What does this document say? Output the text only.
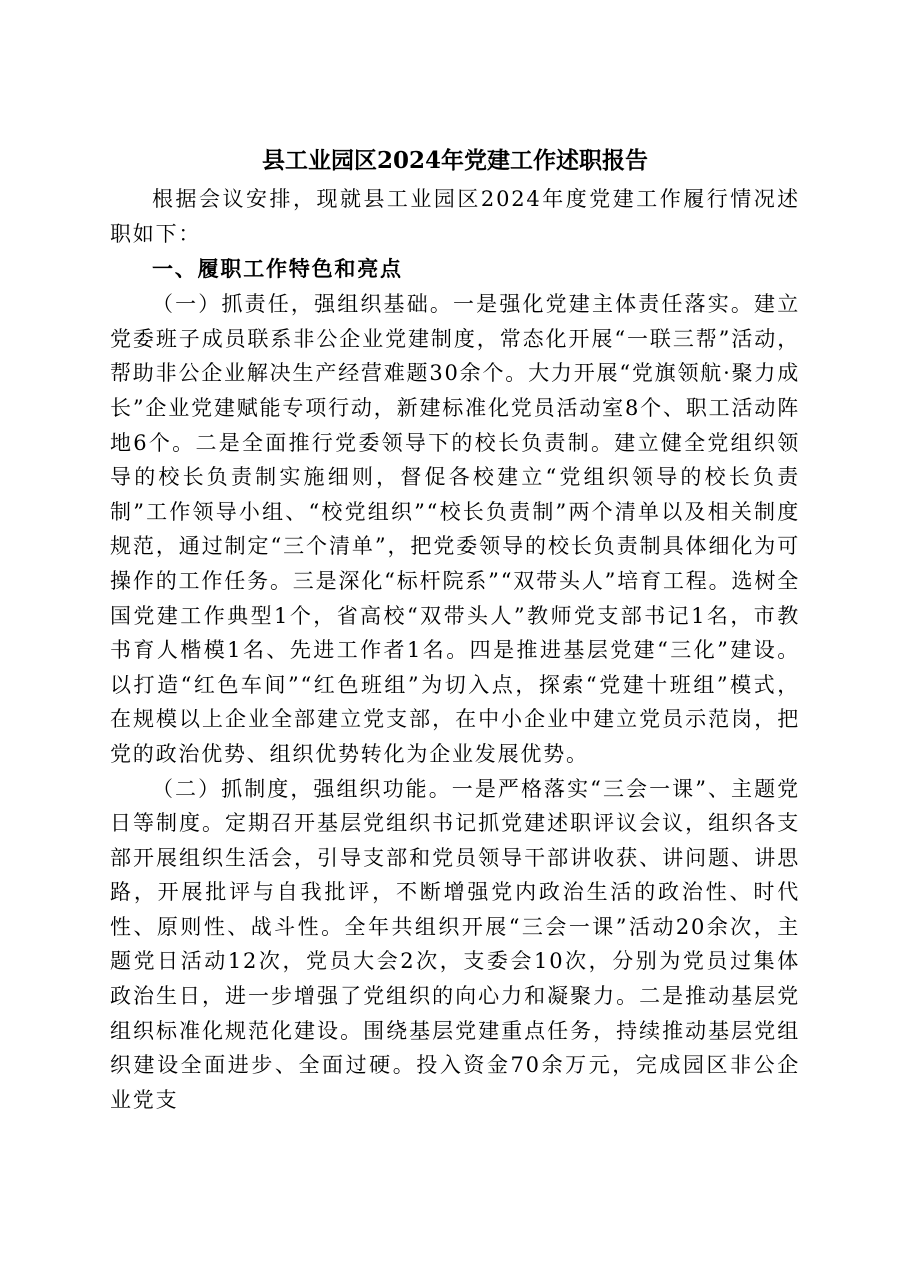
县工业园区2024年党建工作述职报告

根据会议安排，现就县工业园区2024年度党建工作履行情况述职如下：

一、履职工作特色和亮点

（一）抓责任，强组织基础。一是强化党建主体责任落实。建立党委班子成员联系非公企业党建制度，常态化开展“一联三帮”活动，帮助非公企业解决生产经营难题30余个。大力开展“党旗领航·聚力成长”企业党建赋能专项行动，新建标准化党员活动室8个、职工活动阵地6个。二是全面推行党委领导下的校长负责制。建立健全党组织领导的校长负责制实施细则，督促各校建立“党组织领导的校长负责制”工作领导小组、“校党组织”“校长负责制”两个清单以及相关制度规范，通过制定“三个清单”，把党委领导的校长负责制具体细化为可操作的工作任务。三是深化“标杆院系”“双带头人”培育工程。选树全国党建工作典型1个，省高校“双带头人”教师党支部书记1名，市教书育人楷模1名、先进工作者1名。四是推进基层党建“三化”建设。以打造“红色车间”“红色班组”为切入点，探索“党建十班组”模式，在规模以上企业全部建立党支部，在中小企业中建立党员示范岗，把党的政治优势、组织优势转化为企业发展优势。

（二）抓制度，强组织功能。一是严格落实“三会一课”、主题党日等制度。定期召开基层党组织书记抓党建述职评议会议，组织各支部开展组织生活会，引导支部和党员领导干部讲收获、讲问题、讲思路，开展批评与自我批评，不断增强党内政治生活的政治性、时代性、原则性、战斗性。全年共组织开展“三会一课”活动20余次，主题党日活动12次，党员大会2次，支委会10次，分别为党员过集体政治生日，进一步增强了党组织的向心力和凝聚力。二是推动基层党组织标准化规范化建设。围绕基层党建重点任务，持续推动基层党组织建设全面进步、全面过硬。投入资金70余万元，完成园区非公企业党支
